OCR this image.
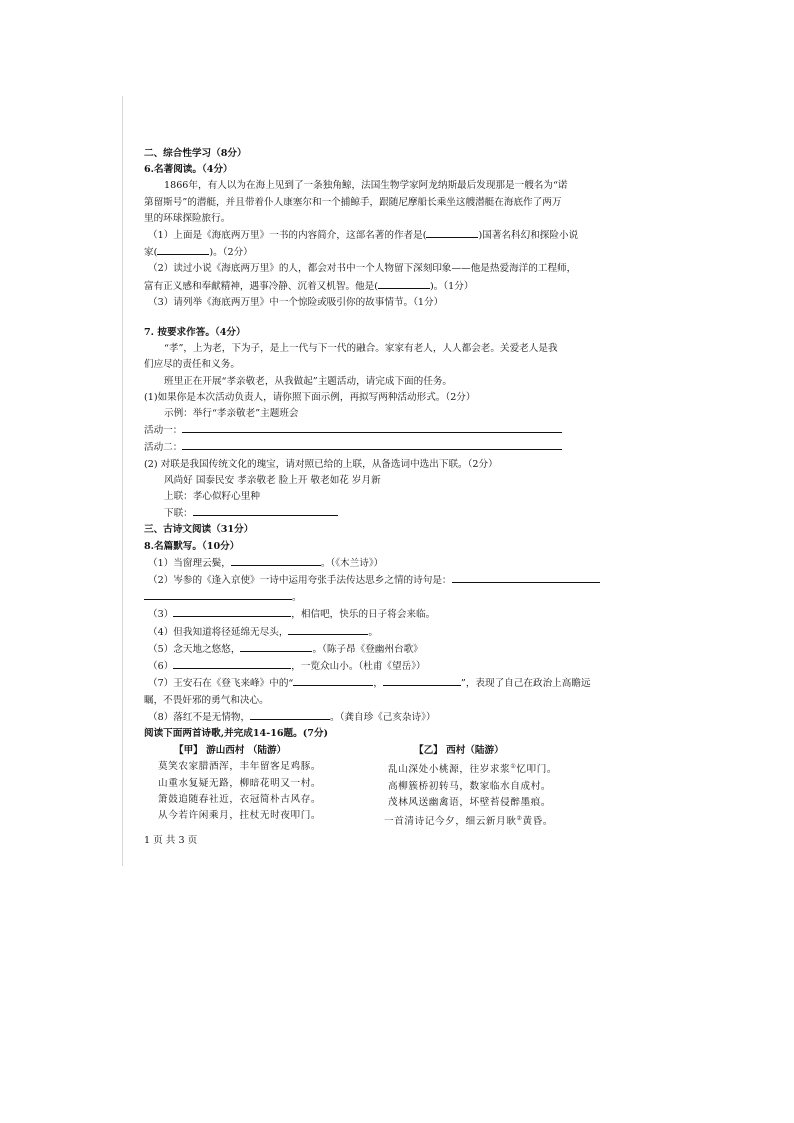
二、综合性学习（8分）
6.名著阅读。（4分）
1866年，有人以为在海上见到了一条独角鲸，法国生物学家阿龙纳斯最后发现那是一艘名为“诺
第留斯号”的潜艇，并且带着仆人康塞尔和一个捕鲸手，跟随尼摩船长乘坐这艘潜艇在海底作了两万
里的环球探险旅行。
（1）上面是《海底两万里》一书的内容简介，这部名著的作者是(	)国著名科幻和探险小说
家(	)。（2分）
（2）读过小说《海底两万里》的人，都会对书中一个人物留下深刻印象——他是热爱海洋的工程师，
富有正义感和奉献精神，遇事冷静、沉着又机智。他是(	)。（1分）
（3）请列举《海底两万里》中一个惊险或吸引你的故事情节。（1分）
7. 按要求作答。（4分）
“孝”，上为老，下为子，是上一代与下一代的融合。家家有老人，人人都会老。关爱老人是我
们应尽的责任和义务。
班里正在开展“孝亲敬老，从我做起”主题活动，请完成下面的任务。
(1)如果你是本次活动负责人，请你照下面示例，再拟写两种活动形式。（2分）
示例：举行“孝亲敬老”主题班会
活动一：
活动二：
(2) 对联是我国传统文化的瑰宝，请对照已给的上联，从备选词中选出下联。（2分）
风尚好 国泰民安 孝亲敬老 脸上开 敬老如花 岁月新
上联：孝心似籽心里种
下联：
三、古诗文阅读（31分）
8.名篇默写。（10分）
（1）当窗理云鬓，	。（《木兰诗》）
（2）岑参的《逢入京使》一诗中运用夸张手法传达思乡之情的诗句是：
。
（3）	，相信吧，快乐的日子将会来临。
（4）但我知道将径延绵无尽头，	。
（5）念天地之悠悠，	。（陈子昂《登幽州台歌》
（6）	，一览众山小。（杜甫《望岳》）
（7）王安石在《登飞来峰》中的“	，	”，表现了自己在政治上高瞻远
瞩，不畏奸邪的勇气和决心。
（8）落红不是无情物，	。（龚自珍《己亥杂诗》）
阅读下面两首诗歌,并完成14-16题。(7分)
【甲】 游山西村 （陆游）	【乙】 西村（陆游）
莫笑农家腊酒浑，丰年留客足鸡豚。
山重水复疑无路，柳暗花明又一村。
箫鼓追随春社近，衣冠简朴古风存。
从今若许闲乘月，拄杖无时夜叩门。
乱山深处小桃源，往岁求浆①忆叩门。
高柳簇桥初转马，数家临水自成村。
茂林风送幽禽语，坏壁苔侵醉墨痕。
一首清诗记今夕，细云新月耿②黄昏。
1 页 共 3 页
